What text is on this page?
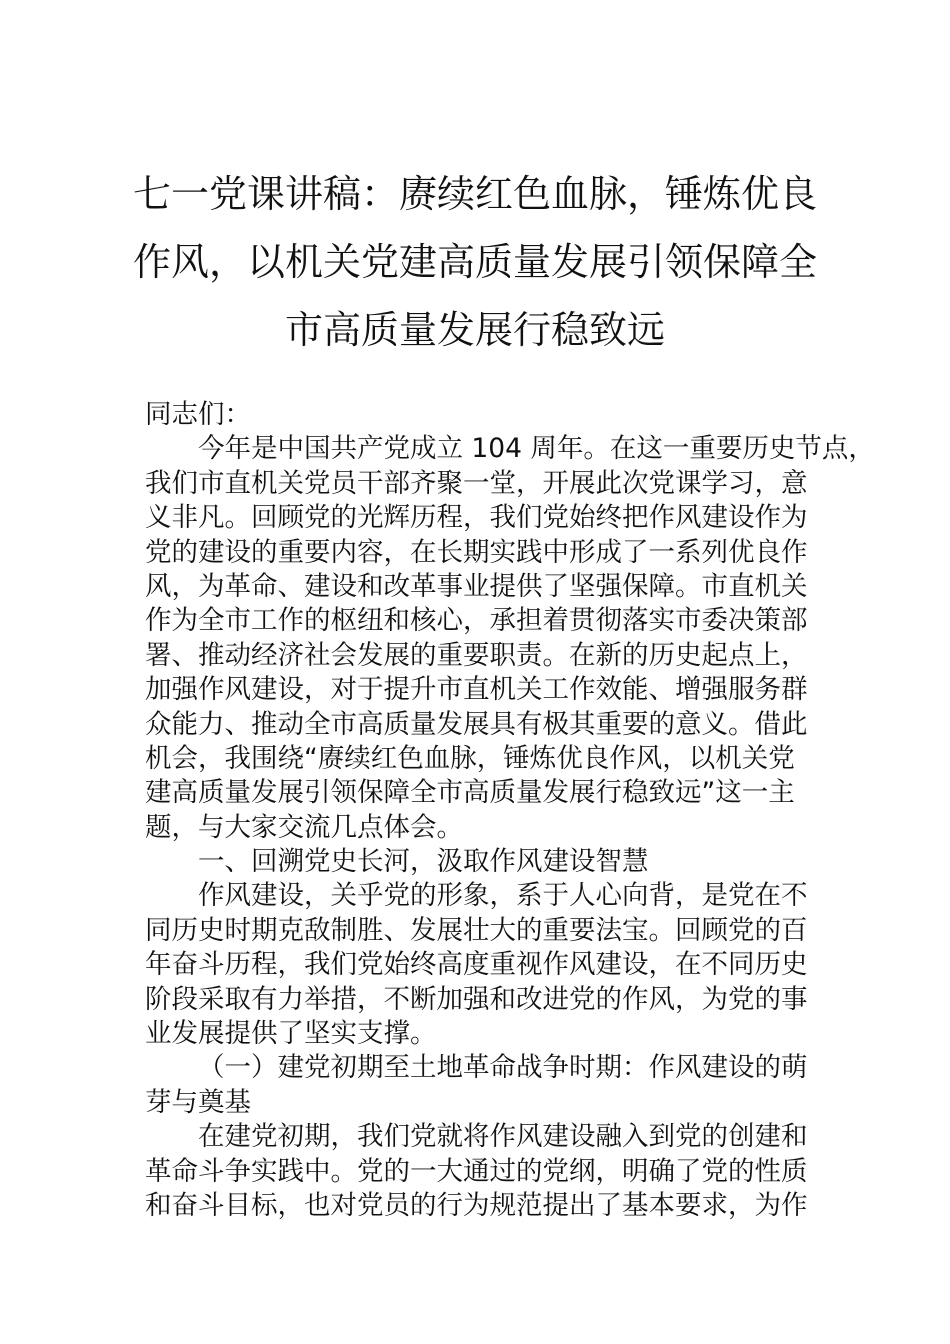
七一党课讲稿：赓续红色血脉，锤炼优良
作风，以机关党建高质量发展引领保障全
市高质量发展行稳致远
同志们：
今年是中国共产党成立 104 周年。在这一重要历史节点，
我们市直机关党员干部齐聚一堂，开展此次党课学习，意
义非凡。回顾党的光辉历程，我们党始终把作风建设作为
党的建设的重要内容，在长期实践中形成了一系列优良作
风，为革命、建设和改革事业提供了坚强保障。市直机关
作为全市工作的枢纽和核心，承担着贯彻落实市委决策部
署、推动经济社会发展的重要职责。在新的历史起点上，
加强作风建设，对于提升市直机关工作效能、增强服务群
众能力、推动全市高质量发展具有极其重要的意义。借此
机会，我围绕“赓续红色血脉，锤炼优良作风，以机关党
建高质量发展引领保障全市高质量发展行稳致远”这一主
题，与大家交流几点体会。
一、回溯党史长河，汲取作风建设智慧
作风建设，关乎党的形象，系于人心向背，是党在不
同历史时期克敌制胜、发展壮大的重要法宝。回顾党的百
年奋斗历程，我们党始终高度重视作风建设，在不同历史
阶段采取有力举措，不断加强和改进党的作风，为党的事
业发展提供了坚实支撑。
（一）建党初期至土地革命战争时期：作风建设的萌
芽与奠基
在建党初期，我们党就将作风建设融入到党的创建和
革命斗争实践中。党的一大通过的党纲，明确了党的性质
和奋斗目标，也对党员的行为规范提出了基本要求，为作
